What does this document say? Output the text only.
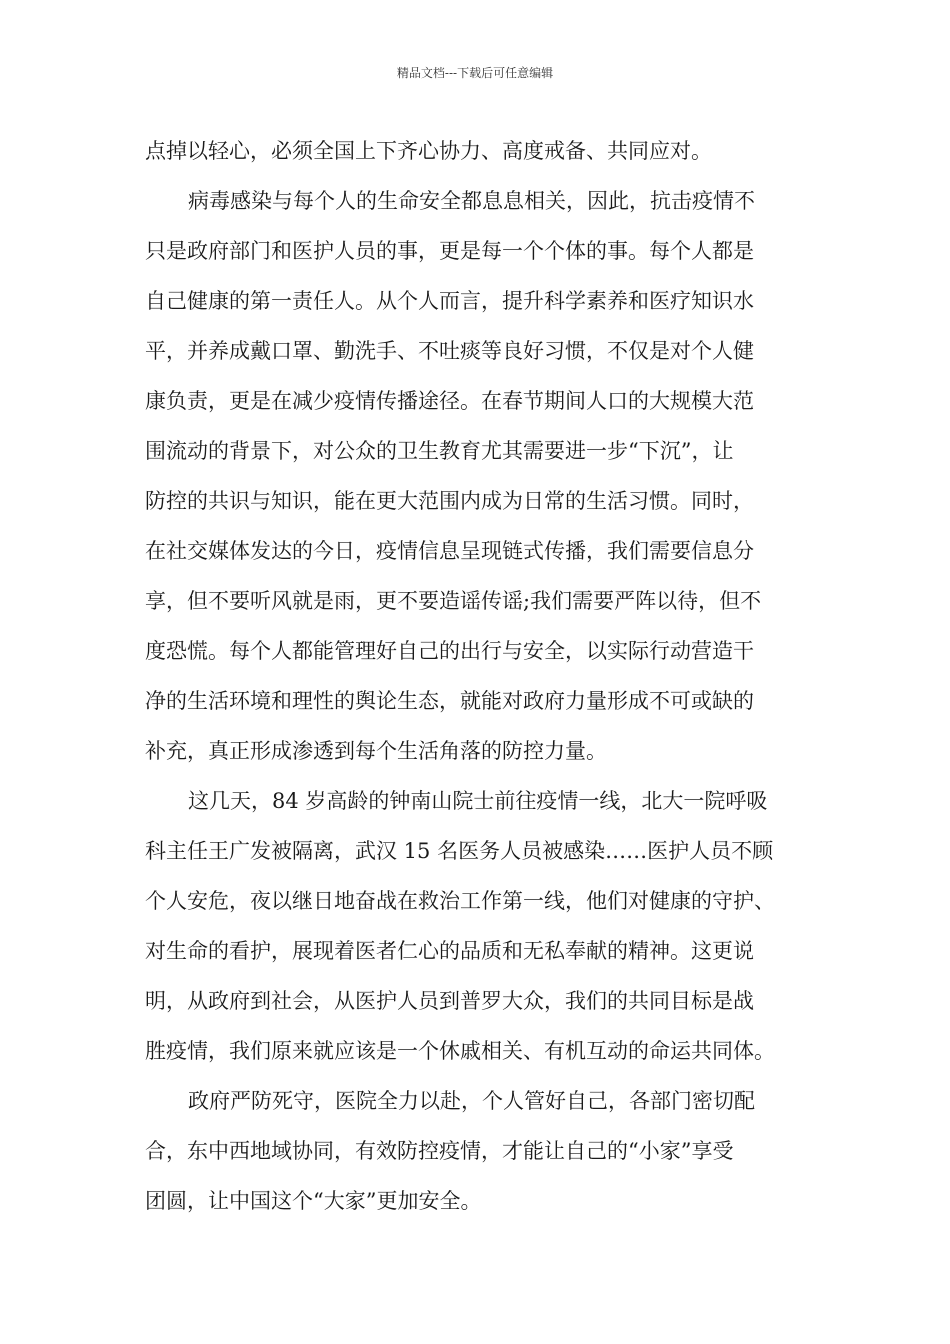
精品文档---下载后可任意编辑
点掉以轻心，必须全国上下齐心协力、高度戒备、共同应对。
病毒感染与每个人的生命安全都息息相关，因此，抗击疫情不
只是政府部门和医护人员的事，更是每一个个体的事。每个人都是
自己健康的第一责任人。从个人而言，提升科学素养和医疗知识水
平，并养成戴口罩、勤洗手、不吐痰等良好习惯，不仅是对个人健
康负责，更是在减少疫情传播途径。在春节期间人口的大规模大范
围流动的背景下，对公众的卫生教育尤其需要进一步“下沉”，让
防控的共识与知识，能在更大范围内成为日常的生活习惯。同时，
在社交媒体发达的今日，疫情信息呈现链式传播，我们需要信息分
享，但不要听风就是雨，更不要造谣传谣;我们需要严阵以待，但不
度恐慌。每个人都能管理好自己的出行与安全，以实际行动营造干
净的生活环境和理性的舆论生态，就能对政府力量形成不可或缺的
补充，真正形成渗透到每个生活角落的防控力量。
这几天，84 岁高龄的钟南山院士前往疫情一线，北大一院呼吸
科主任王广发被隔离，武汉 15 名医务人员被感染……医护人员不顾
个人安危，夜以继日地奋战在救治工作第一线，他们对健康的守护、
对生命的看护，展现着医者仁心的品质和无私奉献的精神。这更说
明，从政府到社会，从医护人员到普罗大众，我们的共同目标是战
胜疫情，我们原来就应该是一个休戚相关、有机互动的命运共同体。
政府严防死守，医院全力以赴，个人管好自己，各部门密切配
合，东中西地域协同，有效防控疫情，才能让自己的“小家”享受
团圆，让中国这个“大家”更加安全。
